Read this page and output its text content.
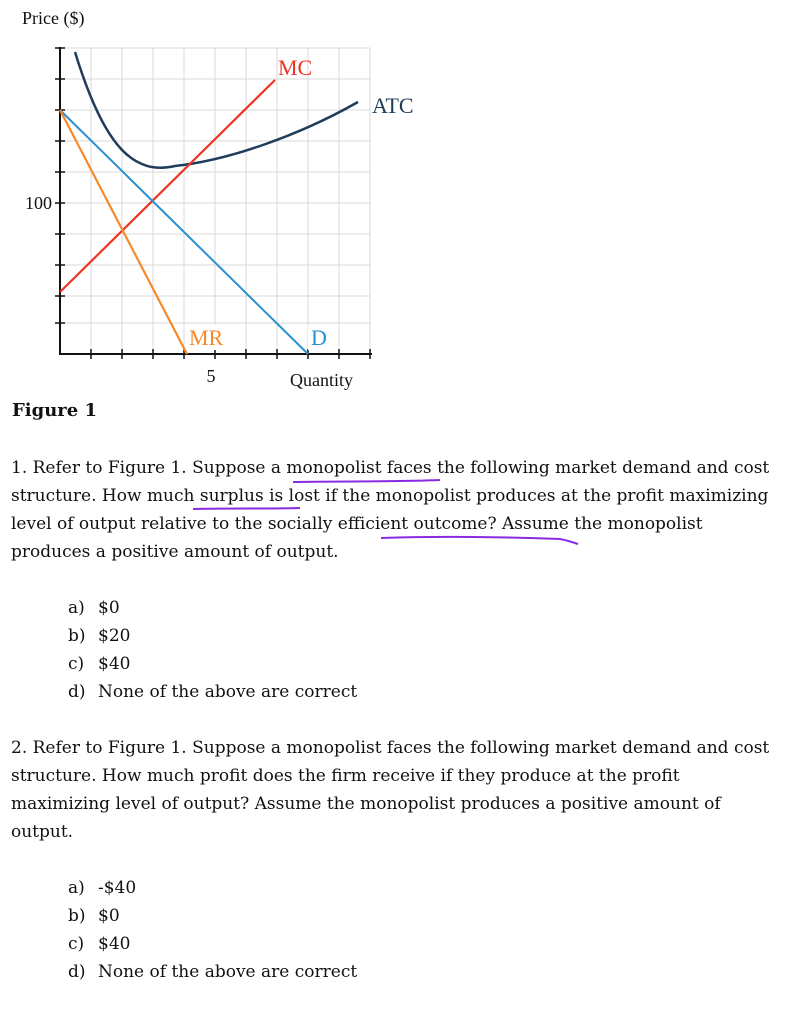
Price ($)
100
5	Quantity
MC
ATC
MR	D
Figure 1

1. Refer to Figure 1. Suppose a monopolist faces the following market demand and cost structure. How much surplus is lost if the monopolist produces at the profit maximizing level of output relative to the socially efficient outcome? Assume the monopolist produces a positive amount of output.

a) $0
b) $20
c) $40
d) None of the above are correct

2. Refer to Figure 1. Suppose a monopolist faces the following market demand and cost structure. How much profit does the firm receive if they produce at the profit maximizing level of output? Assume the monopolist produces a positive amount of output.

a) -$40
b) $0
c) $40
d) None of the above are correct
